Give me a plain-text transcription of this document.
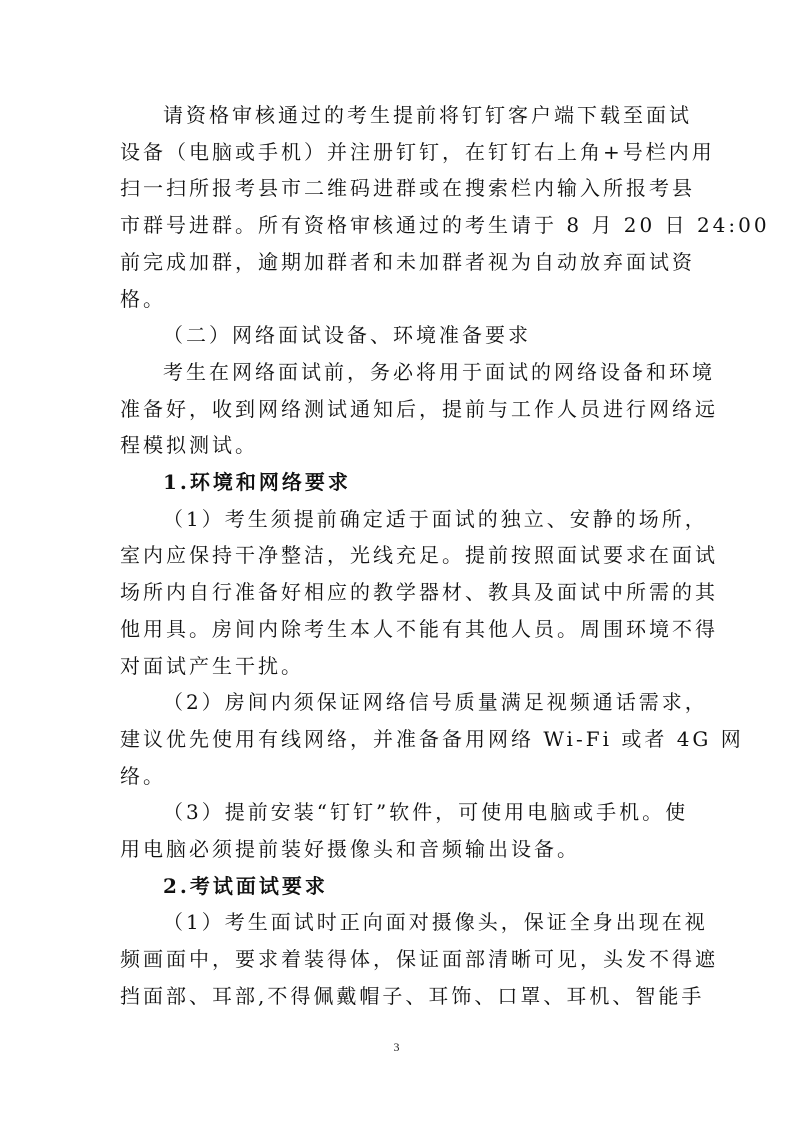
请资格审核通过的考生提前将钉钉客户端下载至面试
设备（电脑或手机）并注册钉钉，在钉钉右上角+号栏内用
扫一扫所报考县市二维码进群或在搜索栏内输入所报考县
市群号进群。所有资格审核通过的考生请于 8 月 20 日 24:00
前完成加群，逾期加群者和未加群者视为自动放弃面试资
格。
（二）网络面试设备、环境准备要求
考生在网络面试前，务必将用于面试的网络设备和环境
准备好，收到网络测试通知后，提前与工作人员进行网络远
程模拟测试。
1.环境和网络要求
（1）考生须提前确定适于面试的独立、安静的场所，
室内应保持干净整洁，光线充足。提前按照面试要求在面试
场所内自行准备好相应的教学器材、教具及面试中所需的其
他用具。房间内除考生本人不能有其他人员。周围环境不得
对面试产生干扰。
（2）房间内须保证网络信号质量满足视频通话需求，
建议优先使用有线网络，并准备备用网络 Wi-Fi 或者 4G 网
络。
（3）提前安装“钉钉”软件，可使用电脑或手机。使
用电脑必须提前装好摄像头和音频输出设备。
2.考试面试要求
（1）考生面试时正向面对摄像头，保证全身出现在视
频画面中，要求着装得体，保证面部清晰可见，头发不得遮
挡面部、耳部,不得佩戴帽子、耳饰、口罩、耳机、智能手
3
